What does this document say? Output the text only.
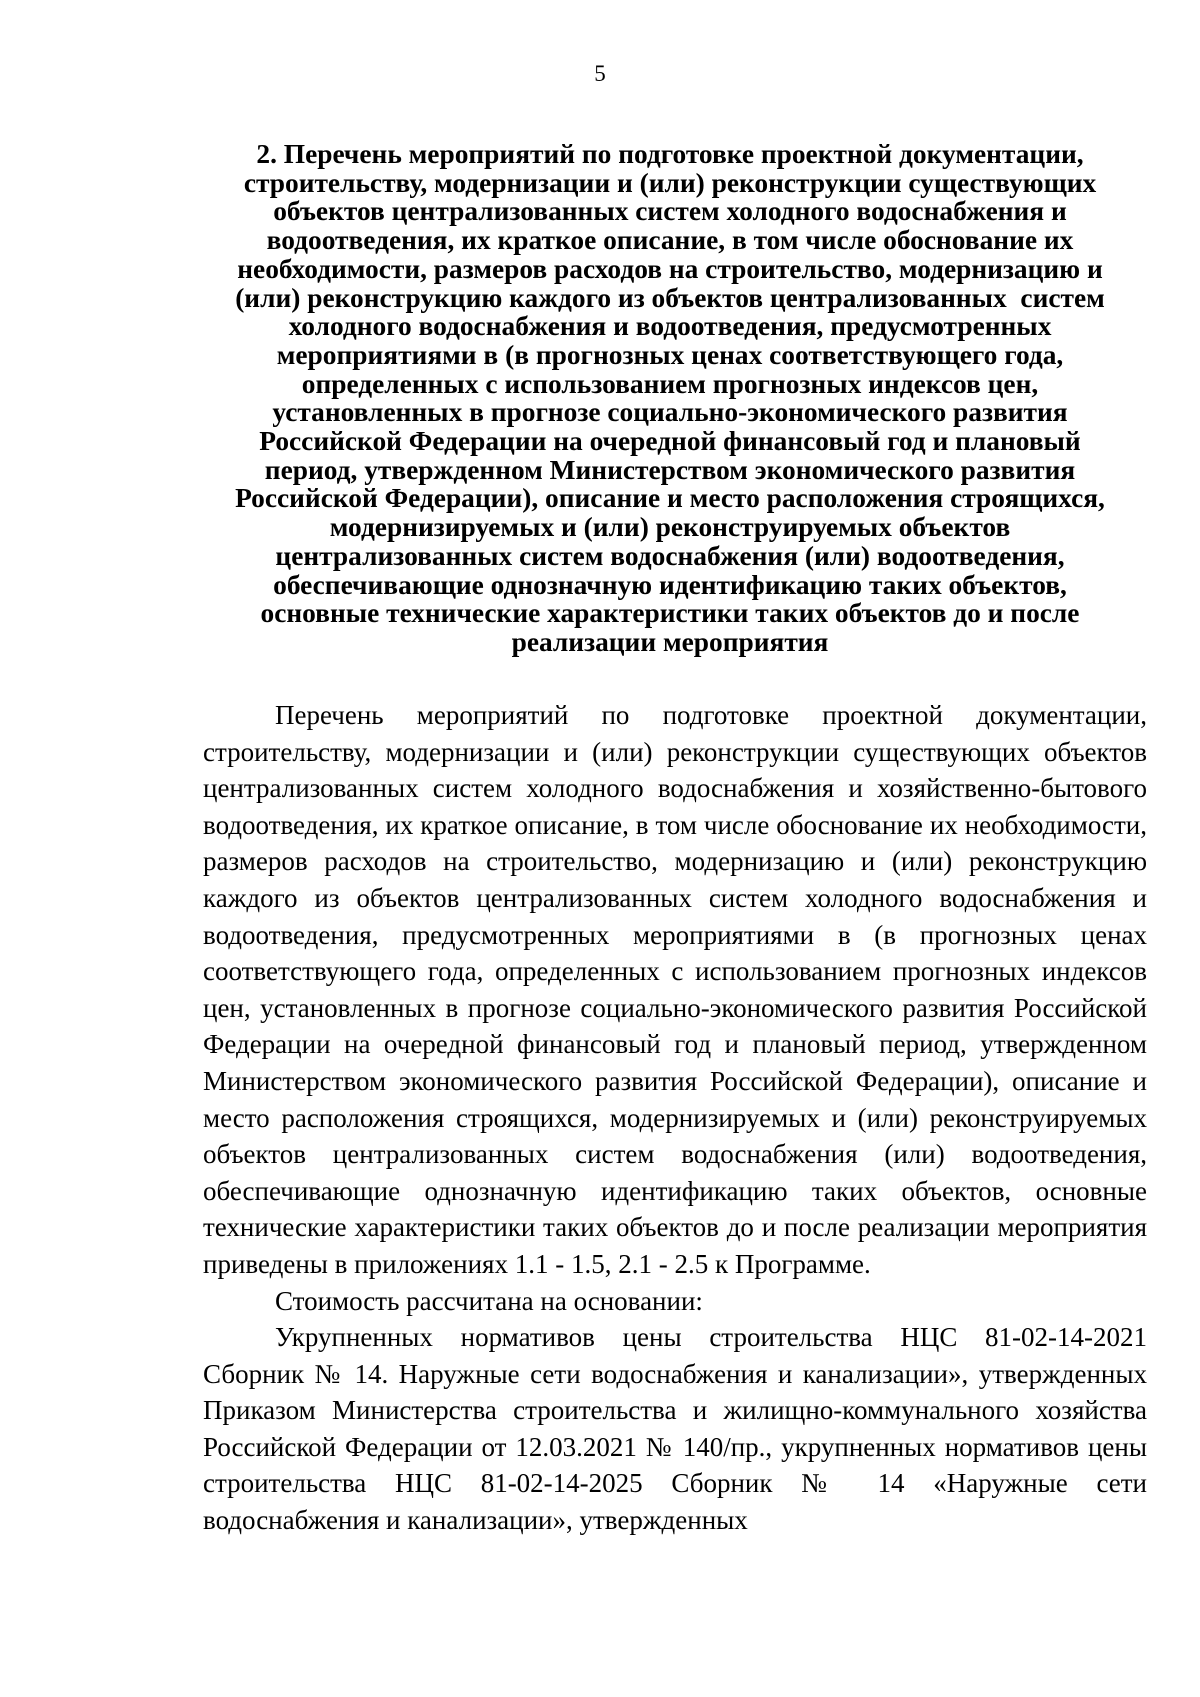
5
2. Перечень мероприятий по подготовке проектной документации,
строительству, модернизации и (или) реконструкции существующих
объектов централизованных систем холодного водоснабжения и
водоотведения, их краткое описание, в том числе обоснование их
необходимости, размеров расходов на строительство, модернизацию и
(или) реконструкцию каждого из объектов централизованных  систем
холодного водоснабжения и водоотведения, предусмотренных
мероприятиями в (в прогнозных ценах соответствующего года,
определенных с использованием прогнозных индексов цен,
установленных в прогнозе социально-экономического развития
Российской Федерации на очередной финансовый год и плановый
период, утвержденном Министерством экономического развития
Российской Федерации), описание и место расположения строящихся,
модернизируемых и (или) реконструируемых объектов
централизованных систем водоснабжения (или) водоотведения,
обеспечивающие однозначную идентификацию таких объектов,
основные технические характеристики таких объектов до и после
реализации мероприятия

Перечень мероприятий по подготовке проектной документации, строительству, модернизации и (или) реконструкции существующих объектов централизованных систем холодного водоснабжения и хозяйственно-бытового водоотведения, их краткое описание, в том числе обоснование их необходимости, размеров расходов на строительство, модернизацию и (или) реконструкцию каждого из объектов централизованных систем холодного водоснабжения и водоотведения, предусмотренных мероприятиями в (в прогнозных ценах соответствующего года, определенных с использованием прогнозных индексов цен, установленных в прогнозе социально-экономического развития Российской Федерации на очередной финансовый год и плановый период, утвержденном Министерством экономического развития Российской Федерации), описание и место расположения строящихся, модернизируемых и (или) реконструируемых объектов централизованных систем водоснабжения (или) водоотведения, обеспечивающие однозначную идентификацию таких объектов, основные технические характеристики таких объектов до и после реализации мероприятия приведены в приложениях 1.1 - 1.5, 2.1 - 2.5 к Программе.

Стоимость рассчитана на основании:

Укрупненных нормативов цены строительства НЦС 81-02-14-2021 Сборник № 14. Наружные сети водоснабжения и канализации», утвержденных Приказом Министерства строительства и жилищно-коммунального хозяйства Российской Федерации от 12.03.2021 № 140/пр., укрупненных нормативов цены строительства НЦС 81-02-14-2025 Сборник № 14 «Наружные сети водоснабжения и канализации», утвержденных
